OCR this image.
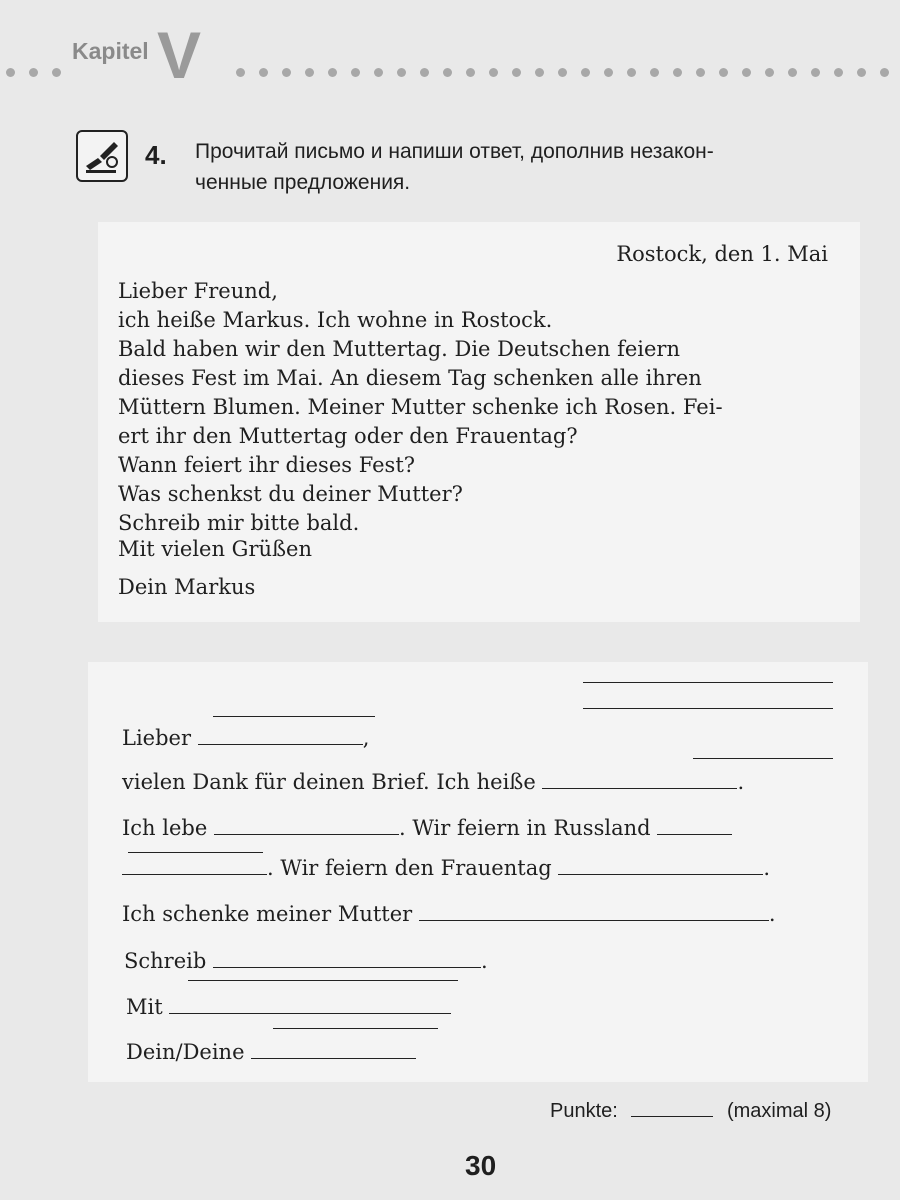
Kapitel V
4. Прочитай письмо и напиши ответ, дополнив незакон-
ченные предложения.
Rostock, den 1. Mai

Lieber Freund,

ich heiße Markus. Ich wohne in Rostock.

Bald haben wir den Muttertag. Die Deutschen feiern

dieses Fest im Mai. An diesem Tag schenken alle ihren

Müttern Blumen. Meiner Mutter schenke ich Rosen. Fei-

ert ihr den Muttertag oder den Frauentag?

Wann feiert ihr dieses Fest?

Was schenkst du deiner Mutter?

Schreib mir bitte bald.

Mit vielen Grüßen
Dein Markus
Lieber	,
vielen Dank für deinen Brief. Ich heiße	.
Ich lebe	. Wir feiern in Russland
. Wir feiern den Frauentag	.
Ich schenke meiner Mutter	.
Schreib	.
Mit
Dein/Deine
Punkte:	(maximal 8)
30
